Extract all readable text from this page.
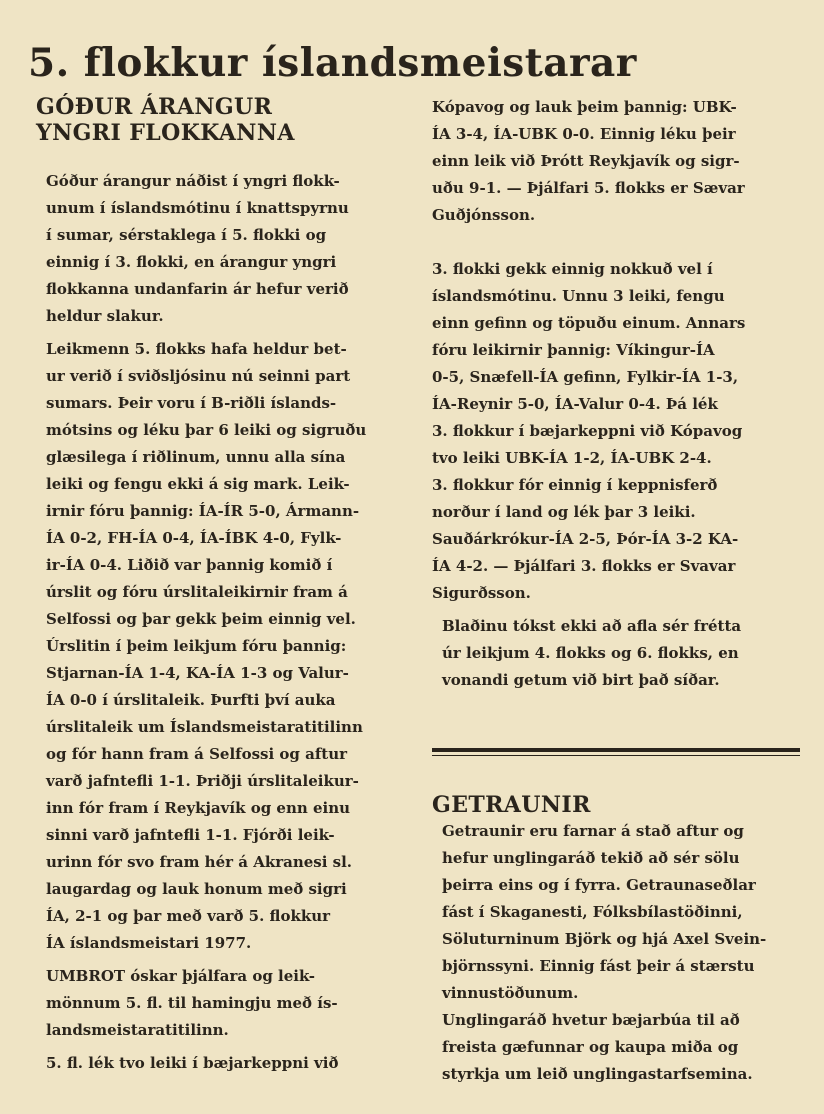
5. flokkur íslandsmeistarar
GÓÐUR ÁRANGUR
YNGRI FLOKKANNA

Góður árangur náðist í yngri flokk-
unum í íslandsmótinu í knattspyrnu
í sumar, sérstaklega í 5. flokki og
einnig í 3. flokki, en árangur yngri
flokkanna undanfarin ár hefur verið
heldur slakur.

Leikmenn 5. flokks hafa heldur bet-
ur verið í sviðsljósinu nú seinni part
sumars. Þeir voru í B-riðli íslands-
mótsins og léku þar 6 leiki og sigruðu
glæsilega í riðlinum, unnu alla sína
leiki og fengu ekki á sig mark. Leik-
irnir fóru þannig: ÍA-ÍR 5-0, Ármann-
ÍA 0-2, FH-ÍA 0-4, ÍA-ÍBK 4-0, Fylk-
ir-ÍA 0-4. Liðið var þannig komið í
úrslit og fóru úrslitaleikirnir fram á
Selfossi og þar gekk þeim einnig vel.
Úrslitin í þeim leikjum fóru þannig:
Stjarnan-ÍA 1-4, KA-ÍA 1-3 og Valur-
ÍA 0-0 í úrslitaleik. Þurfti því auka
úrslitaleik um Íslandsmeistaratitilinn
og fór hann fram á Selfossi og aftur
varð jafntefli 1-1. Þriðji úrslitaleikur-
inn fór fram í Reykjavík og enn einu
sinni varð jafntefli 1-1. Fjórði leik-
urinn fór svo fram hér á Akranesi sl.
laugardag og lauk honum með sigri
ÍA, 2-1 og þar með varð 5. flokkur
ÍA íslandsmeistari 1977.

UMBROT óskar þjálfara og leik-
mönnum 5. fl. til hamingju með ís-
landsmeistaratitilinn.

5. fl. lék tvo leiki í bæjarkeppni við

Kópavog og lauk þeim þannig: UBK-
ÍA 3-4, ÍA-UBK 0-0. Einnig léku þeir
einn leik við Þrótt Reykjavík og sigr-
uðu 9-1. — Þjálfari 5. flokks er Sævar
Guðjónsson.

3. flokki gekk einnig nokkuð vel í
íslandsmótinu. Unnu 3 leiki, fengu
einn gefinn og töpuðu einum. Annars
fóru leikirnir þannig: Víkingur-ÍA
0-5, Snæfell-ÍA gefinn, Fylkir-ÍA 1-3,
ÍA-Reynir 5-0, ÍA-Valur 0-4. Þá lék
3. flokkur í bæjarkeppni við Kópavog
tvo leiki UBK-ÍA 1-2, ÍA-UBK 2-4.
3. flokkur fór einnig í keppnisferð
norður í land og lék þar 3 leiki.
Sauðárkrókur-ÍA 2-5, Þór-ÍA 3-2 KA-
ÍA 4-2. — Þjálfari 3. flokks er Svavar
Sigurðsson.

Blaðinu tókst ekki að afla sér frétta
úr leikjum 4. flokks og 6. flokks, en
vonandi getum við birt það síðar.

GETRAUNIR

Getraunir eru farnar á stað aftur og
hefur unglingaráð tekið að sér sölu
þeirra eins og í fyrra. Getraunaseðlar
fást í Skaganesti, Fólksbílastöðinni,
Söluturninum Björk og hjá Axel Svein-
björnssyni. Einnig fást þeir á stærstu
vinnustöðunum.

Unglingaráð hvetur bæjarbúa til að
freista gæfunnar og kaupa miða og
styrkja um leið unglingastarfsemina.
